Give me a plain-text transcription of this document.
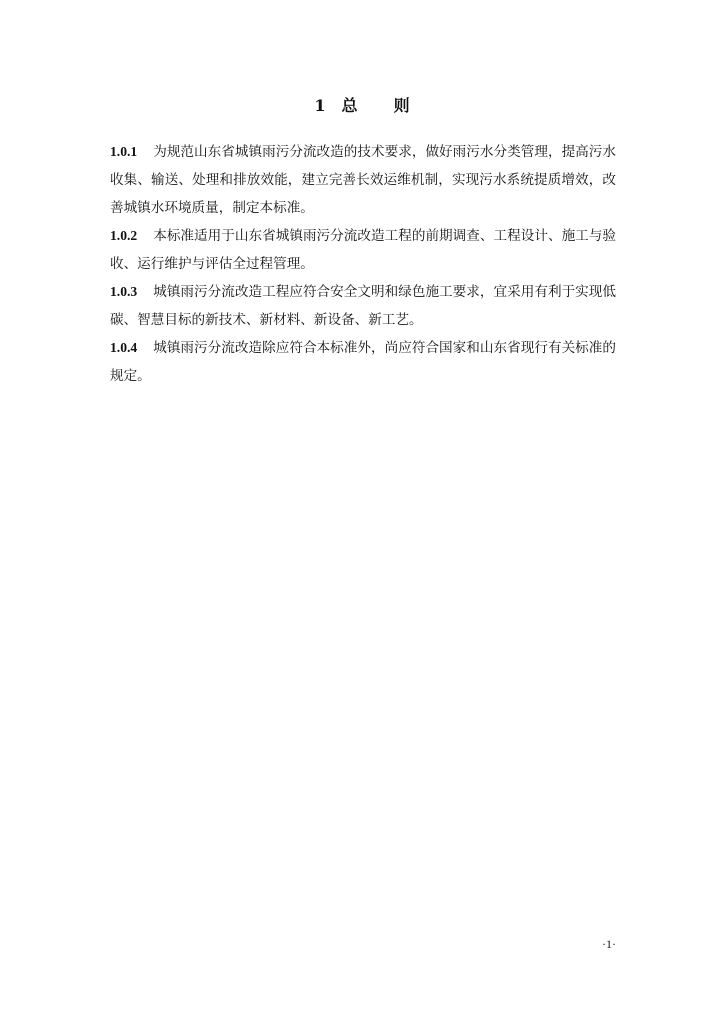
1 总 则

1.0.1 为规范山东省城镇雨污分流改造的技术要求，做好雨污水分类管理，提高污水收集、输送、处理和排放效能，建立完善长效运维机制，实现污水系统提质增效，改善城镇水环境质量，制定本标准。

1.0.2 本标准适用于山东省城镇雨污分流改造工程的前期调查、工程设计、施工与验收、运行维护与评估全过程管理。

1.0.3 城镇雨污分流改造工程应符合安全文明和绿色施工要求，宜采用有利于实现低碳、智慧目标的新技术、新材料、新设备、新工艺。

1.0.4 城镇雨污分流改造除应符合本标准外，尚应符合国家和山东省现行有关标准的规定。

·1·
